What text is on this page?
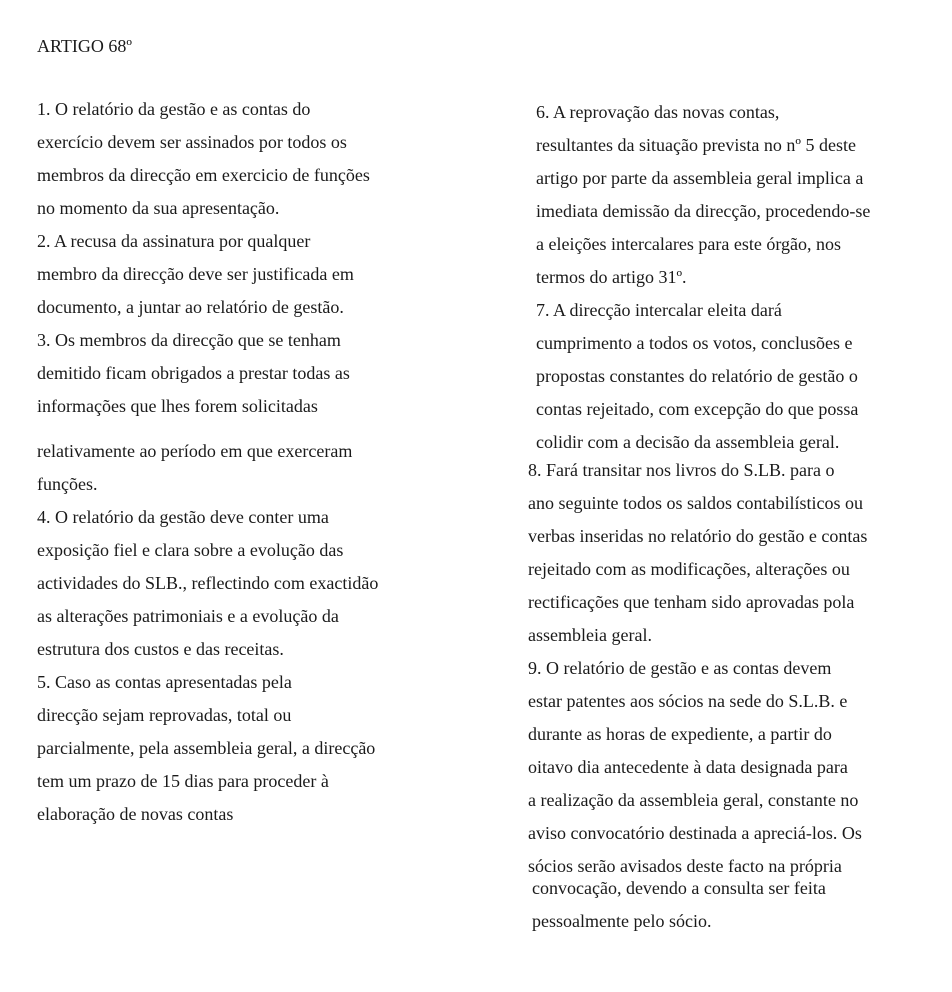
ARTIGO 68º
1. O relatório da gestão e as contas do
exercício devem ser assinados por todos os
membros da direcção em exercicio de funções
no momento da sua apresentação.
2. A recusa da assinatura por qualquer
membro da direcção deve ser justificada em
documento, a juntar ao relatório de gestão.
3. Os membros da direcção que se tenham
demitido ficam obrigados a prestar todas as
informações que lhes forem solicitadas
relativamente ao período em que exerceram
funções.
4. O relatório da gestão deve conter uma
exposição fiel e clara sobre a evolução das
actividades do SLB., reflectindo com exactidão
as alterações patrimoniais e a evolução da
estrutura dos custos e das receitas.
5. Caso as contas apresentadas pela
direcção sejam reprovadas, total ou
parcialmente, pela assembleia geral, a direcção
tem um prazo de 15 dias para proceder à
elaboração de novas contas
6. A reprovação das novas contas,
resultantes da situação prevista no nº 5 deste
artigo por parte da assembleia geral implica a
imediata demissão da direcção, procedendo-se
a eleições intercalares para este órgão, nos
termos do artigo 31º.
7. A direcção intercalar eleita dará
cumprimento a todos os votos, conclusões e
propostas constantes do relatório de gestão o
contas rejeitado, com excepção do que possa
colidir com a decisão da assembleia geral.
8. Fará transitar nos livros do S.LB. para o
ano seguinte todos os saldos contabilísticos ou
verbas inseridas no relatório do gestão e contas
rejeitado com as modificações, alterações ou
rectificações que tenham sido aprovadas pola
assembleia geral.
9. O relatório de gestão e as contas devem
estar patentes aos sócios na sede do S.L.B. e
durante as horas de expediente, a partir do
oitavo dia antecedente à data designada para
a realização da assembleia geral, constante no
aviso convocatório destinada a apreciá-los. Os
sócios serão avisados deste facto na própria
convocação, devendo a consulta ser feita
pessoalmente pelo sócio.
